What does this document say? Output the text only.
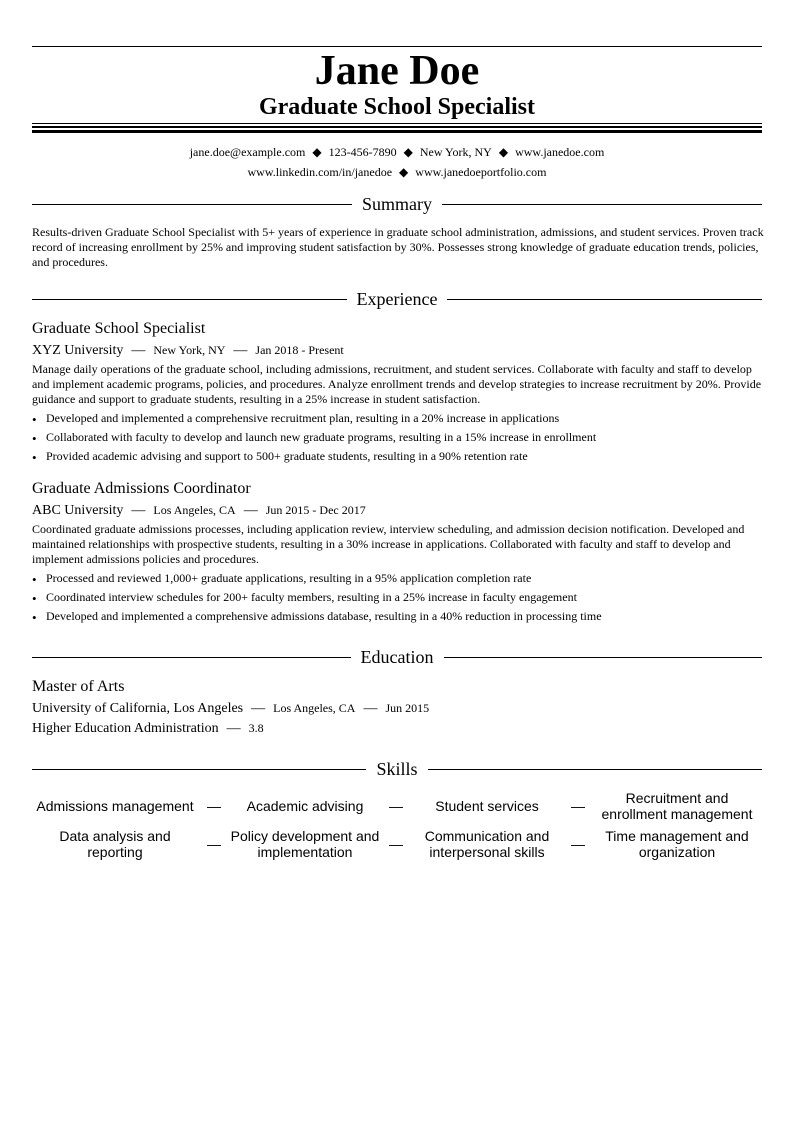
Jane Doe
Graduate School Specialist
jane.doe@example.com ◆ 123-456-7890 ◆ New York, NY ◆ www.janedoe.com
www.linkedin.com/in/janedoe ◆ www.janedoeportfolio.com
Summary
Results-driven Graduate School Specialist with 5+ years of experience in graduate school administration, admissions, and student services. Proven track record of increasing enrollment by 25% and improving student satisfaction by 30%. Possesses strong knowledge of graduate education trends, policies, and procedures.
Experience
Graduate School Specialist
XYZ University — New York, NY — Jan 2018 - Present
Manage daily operations of the graduate school, including admissions, recruitment, and student services. Collaborate with faculty and staff to develop and implement academic programs, policies, and procedures. Analyze enrollment trends and develop strategies to increase recruitment by 20%. Provide guidance and support to graduate students, resulting in a 25% increase in student satisfaction.
• Developed and implemented a comprehensive recruitment plan, resulting in a 20% increase in applications
• Collaborated with faculty to develop and launch new graduate programs, resulting in a 15% increase in enrollment
• Provided academic advising and support to 500+ graduate students, resulting in a 90% retention rate
Graduate Admissions Coordinator
ABC University — Los Angeles, CA — Jun 2015 - Dec 2017
Coordinated graduate admissions processes, including application review, interview scheduling, and admission decision notification. Developed and maintained relationships with prospective students, resulting in a 30% increase in applications. Collaborated with faculty and staff to develop and implement admissions policies and procedures.
• Processed and reviewed 1,000+ graduate applications, resulting in a 95% application completion rate
• Coordinated interview schedules for 200+ faculty members, resulting in a 25% increase in faculty engagement
• Developed and implemented a comprehensive admissions database, resulting in a 40% reduction in processing time
Education
Master of Arts
University of California, Los Angeles — Los Angeles, CA — Jun 2015
Higher Education Administration — 3.8
Skills
Admissions management —	Academic advising	—	Student services	—	Recruitment and enrollment management
Data analysis and reporting	— Policy development and implementation	—	Communication and interpersonal skills	—	Time management and organization
